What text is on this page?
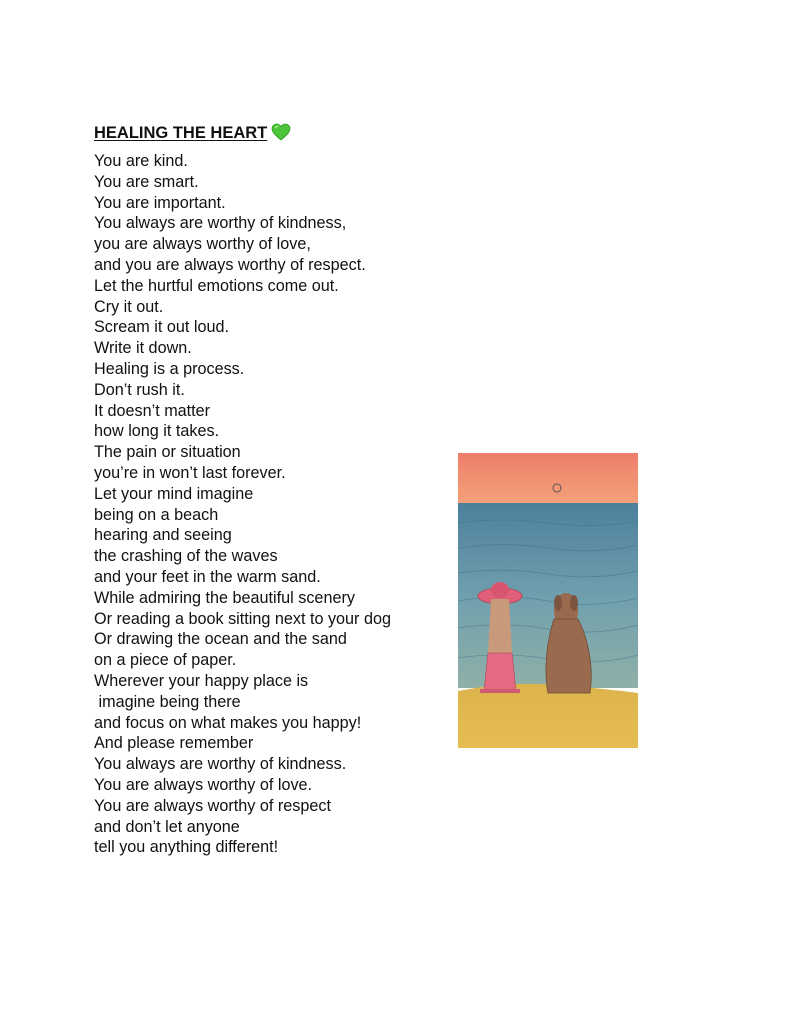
HEALING THE HEART
You are kind.
You are smart.
You are important.
You always are worthy of kindness,
you are always worthy of love,
and you are always worthy of respect.
Let the hurtful emotions come out.
Cry it out.
Scream it out loud.
Write it down.
Healing is a process.
Don’t rush it.
It doesn’t matter
how long it takes.
The pain or situation
you’re in won’t last forever.
Let your mind imagine
being on a beach
hearing and seeing
the crashing of the waves
and your feet in the warm sand.
While admiring the beautiful scenery
Or reading a book sitting next to your dog
Or drawing the ocean and the sand
on a piece of paper.
Wherever your happy place is
imagine being there
and focus on what makes you happy!
And please remember
You always are worthy of kindness.
You are always worthy of love.
You are always worthy of respect
and don’t let anyone
tell you anything different!
